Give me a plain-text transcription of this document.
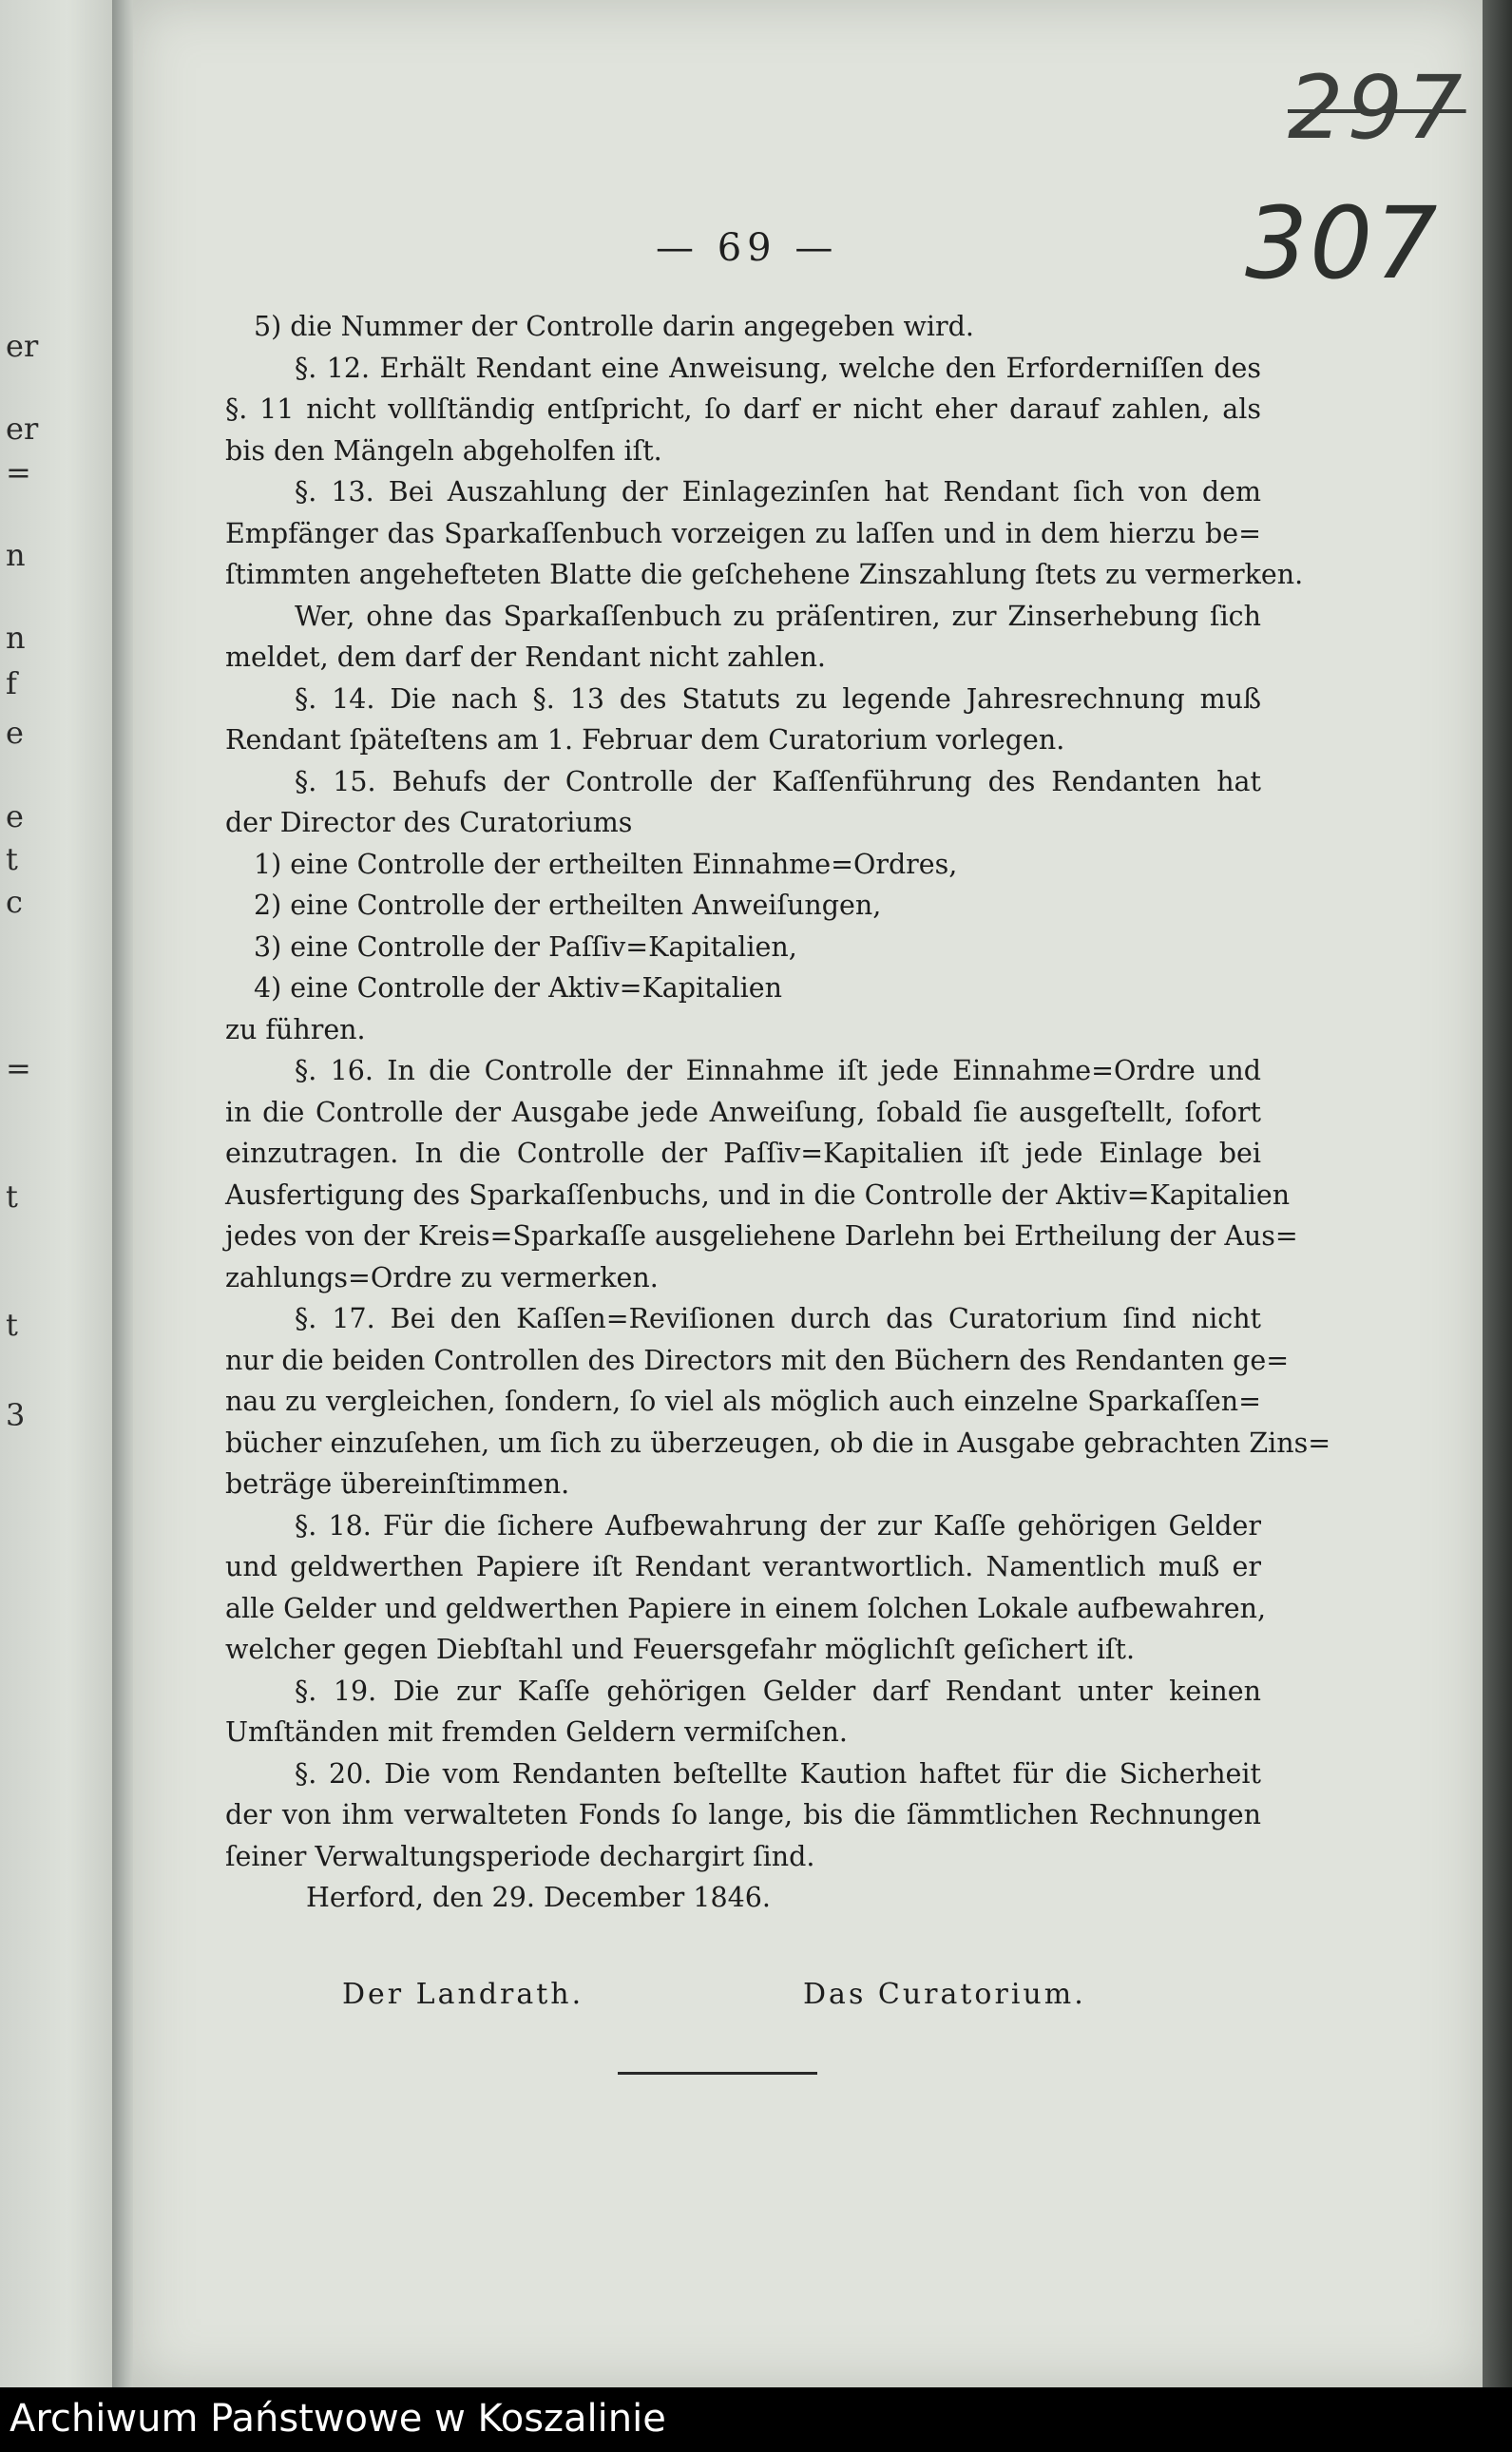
er
er
=
n
n
f
e
e
t
c
=
t
t
3
297
307
— 69 —
5) die Nummer der Controlle darin angegeben wird.
§. 12. Erhält Rendant eine Anweisung, welche den Erforderniſſen des
§. 11 nicht vollſtändig entſpricht, ſo darf er nicht eher darauf zahlen, als
bis den Mängeln abgeholfen iſt.
§. 13. Bei Auszahlung der Einlagezinſen hat Rendant ſich von dem
Empfänger das Sparkaſſenbuch vorzeigen zu laſſen und in dem hierzu be=
ſtimmten angehefteten Blatte die geſchehene Zinszahlung ſtets zu vermerken.
Wer, ohne das Sparkaſſenbuch zu präſentiren, zur Zinserhebung ſich
meldet, dem darf der Rendant nicht zahlen.
§. 14. Die nach §. 13 des Statuts zu legende Jahresrechnung muß
Rendant ſpäteſtens am 1. Februar dem Curatorium vorlegen.
§. 15. Behufs der Controlle der Kaſſenführung des Rendanten hat
der Director des Curatoriums
1) eine Controlle der ertheilten Einnahme=Ordres,
2) eine Controlle der ertheilten Anweiſungen,
3) eine Controlle der Paſſiv=Kapitalien,
4) eine Controlle der Aktiv=Kapitalien
zu führen.
§. 16. In die Controlle der Einnahme iſt jede Einnahme=Ordre und
in die Controlle der Ausgabe jede Anweiſung, ſobald ſie ausgeſtellt, ſofort
einzutragen. In die Controlle der Paſſiv=Kapitalien iſt jede Einlage bei
Ausfertigung des Sparkaſſenbuchs, und in die Controlle der Aktiv=Kapitalien
jedes von der Kreis=Sparkaſſe ausgeliehene Darlehn bei Ertheilung der Aus=
zahlungs=Ordre zu vermerken.
§. 17. Bei den Kaſſen=Reviſionen durch das Curatorium ſind nicht
nur die beiden Controllen des Directors mit den Büchern des Rendanten ge=
nau zu vergleichen, ſondern, ſo viel als möglich auch einzelne Sparkaſſen=
bücher einzuſehen, um ſich zu überzeugen, ob die in Ausgabe gebrachten Zins=
beträge übereinſtimmen.
§. 18. Für die ſichere Aufbewahrung der zur Kaſſe gehörigen Gelder
und geldwerthen Papiere iſt Rendant verantwortlich. Namentlich muß er
alle Gelder und geldwerthen Papiere in einem ſolchen Lokale aufbewahren,
welcher gegen Diebſtahl und Feuersgefahr möglichſt geſichert iſt.
§. 19. Die zur Kaſſe gehörigen Gelder darf Rendant unter keinen
Umſtänden mit fremden Geldern vermiſchen.
§. 20. Die vom Rendanten beſtellte Kaution haftet für die Sicherheit
der von ihm verwalteten Fonds ſo lange, bis die ſämmtlichen Rechnungen
ſeiner Verwaltungsperiode dechargirt ſind.
Herford, den 29. December 1846.
Der Landrath.	Das Curatorium.
Archiwum Państwowe w Koszalinie
